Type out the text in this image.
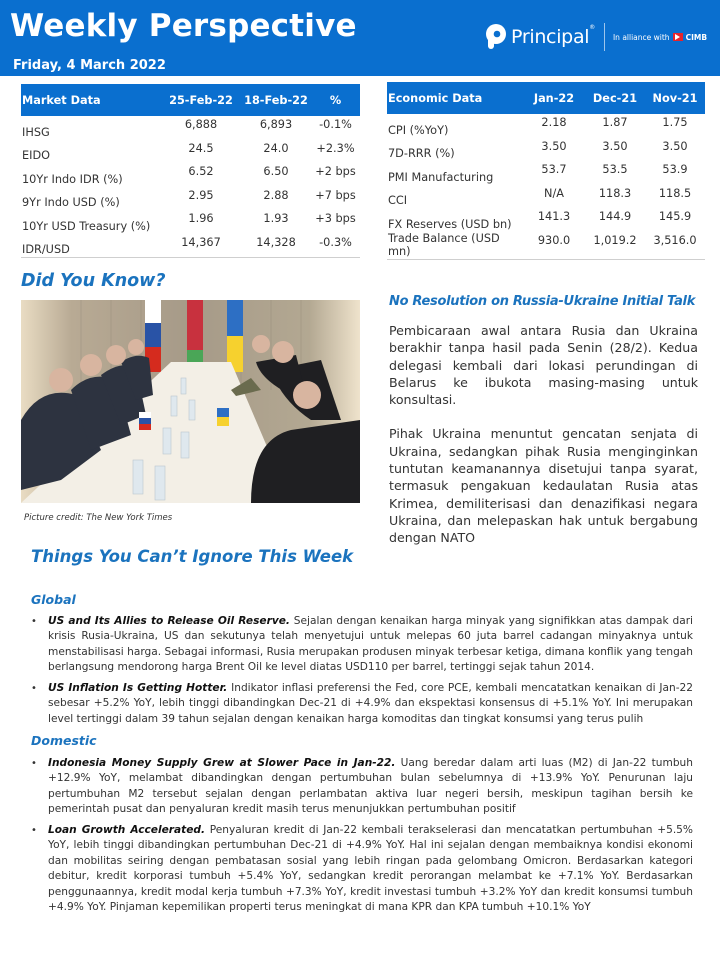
Weekly Perspective
Friday, 4 March 2022
Principal®
In alliance with CIMB
Market Data	25-Feb-22	18-Feb-22	%
IHSG	6,888	6,893	-0.1%
EIDO	24.5	24.0	+2.3%
10Yr Indo IDR (%)	6.52	6.50	+2 bps
9Yr Indo USD (%)	2.95	2.88	+7 bps
10Yr USD Treasury (%)	1.96	1.93	+3 bps
IDR/USD	14,367	14,328	-0.3%
Economic Data	Jan-22	Dec-21	Nov-21
CPI (%YoY)	2.18	1.87	1.75
7D-RRR (%)	3.50	3.50	3.50
PMI Manufacturing	53.7	53.5	53.9
CCI	N/A	118.3	118.5
FX Reserves (USD bn)	141.3	144.9	145.9
Trade Balance (USD mn)	930.0	1,019.2	3,516.0
Did You Know?
Picture credit: The New York Times
No Resolution on Russia-Ukraine Initial Talk

Pembicaraan awal antara Rusia dan Ukraina berakhir tanpa hasil pada Senin (28/2). Kedua delegasi kembali dari lokasi perundingan di Belarus ke ibukota masing-masing untuk konsultasi.

Pihak Ukraina menuntut gencatan senjata di Ukraina, sedangkan pihak Rusia menginginkan tuntutan keamanannya disetujui tanpa syarat, termasuk pengakuan kedaulatan Rusia atas Krimea, demiliterisasi dan denazifikasi negara Ukraina, dan melepaskan hak untuk bergabung dengan NATO

Things You Can’t Ignore This Week
Global
•	US and Its Allies to Release Oil Reserve. Sejalan dengan kenaikan harga minyak yang signifikkan atas dampak dari krisis Rusia-Ukraina, US dan sekutunya telah menyetujui untuk melepas 60 juta barrel cadangan minyaknya untuk menstabilisasi harga. Sebagai informasi, Rusia merupakan produsen minyak terbesar ketiga, dimana konflik yang tengah berlangsung mendorong harga Brent Oil ke level diatas USD110 per barrel, tertinggi sejak tahun 2014.
•	US Inflation Is Getting Hotter. Indikator inflasi preferensi the Fed, core PCE, kembali mencatatkan kenaikan di Jan-22 sebesar +5.2% YoY, lebih tinggi dibandingkan Dec-21 di +4.9% dan ekspektasi konsensus di +5.1% YoY. Ini merupakan level tertinggi dalam 39 tahun sejalan dengan kenaikan harga komoditas dan tingkat konsumsi yang terus pulih
Domestic
•	Indonesia Money Supply Grew at Slower Pace in Jan-22. Uang beredar dalam arti luas (M2) di Jan-22 tumbuh +12.9% YoY, melambat dibandingkan dengan pertumbuhan bulan sebelumnya di +13.9% YoY. Penurunan laju pertumbuhan M2 tersebut sejalan dengan perlambatan aktiva luar negeri bersih, meskipun tagihan bersih ke pemerintah pusat dan penyaluran kredit masih terus menunjukkan pertumbuhan positif
•	Loan Growth Accelerated. Penyaluran kredit di Jan-22 kembali terakselerasi dan mencatatkan pertumbuhan +5.5% YoY, lebih tinggi dibandingkan pertumbuhan Dec-21 di +4.9% YoY. Hal ini sejalan dengan membaiknya kondisi ekonomi dan mobilitas seiring dengan pembatasan sosial yang lebih ringan pada gelombang Omicron. Berdasarkan kategori debitur, kredit korporasi tumbuh +5.4% YoY, sedangkan kredit perorangan melambat ke +7.1% YoY. Berdasarkan penggunaannya, kredit modal kerja tumbuh +7.3% YoY, kredit investasi tumbuh +3.2% YoY dan kredit konsumsi tumbuh +4.9% YoY. Pinjaman kepemilikan properti terus meningkat di mana KPR dan KPA tumbuh +10.1% YoY
